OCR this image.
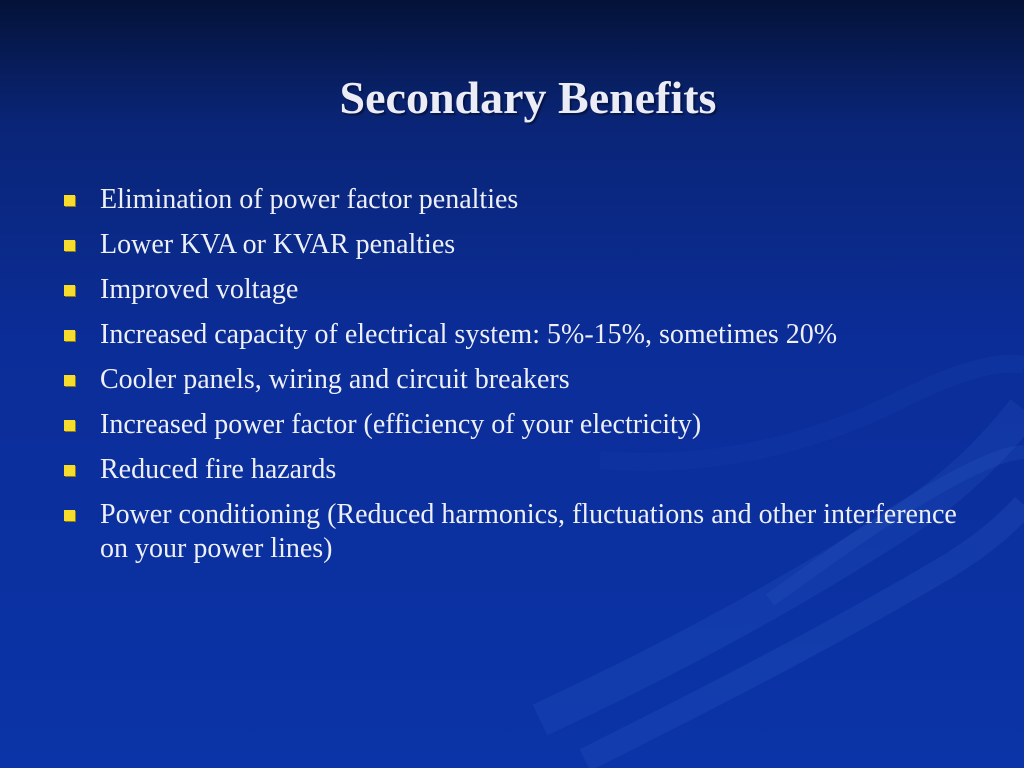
Secondary Benefits
Elimination of power factor penalties
Lower KVA or KVAR penalties
Improved voltage
Increased capacity of electrical system: 5%-15%, sometimes 20%
Cooler panels, wiring and circuit breakers
Increased power factor (efficiency of your electricity)
Reduced fire hazards
Power conditioning (Reduced harmonics, fluctuations and other interference on your power lines)
